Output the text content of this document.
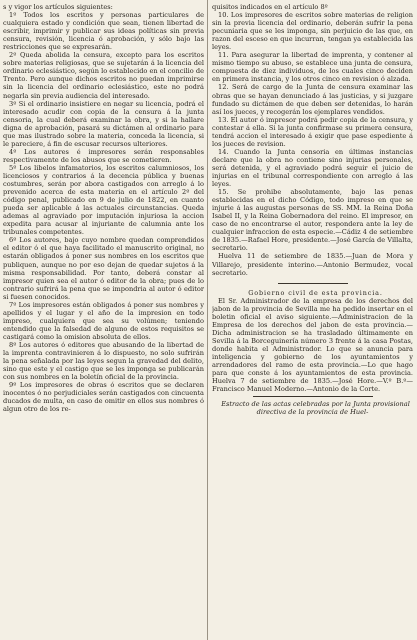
s y vigor los artículos siguientes:

1º Todos los escritos y personas particulares de cualquiera estado y condición que sean, tienen libertad de escribir, imprimir y publicar sus ideas políticas sin previa censura, revisión, licencia ó aprobación, y sólo bajo las restricciones que se expresarán.

2º Queda abolida la censura, excepto para los escritos sobre materias religiosas, que se sujetarán á la licencia del ordinario eclesiástico, según lo establecido en el concilio de Trento. Pero aunque dichos escritos no puedan imprimirse sin la licencia del ordinario eclesiástico, este no podrá negarla sin previa audiencia del interesado.

3º Si el ordinario insistiere en negar su licencia, podrá el interesado acudir con copia de la censura á la junta censoria, la cual deberá examinar la obra, y si la hallare digna de aprobación, pasará su dictámen al ordinario para que mas ilustrado sobre la materia, conceda la licencia, si le pareciere, á fin de escusar recursos ulteriores.

4º Los autores é impresores serán responsables respectivamente de los abusos que se cometieren.

5º Los libelos infamatorios, los escritos calumniosos, los licenciosos y contrarios á la decencia pública y buenas costumbres, serán por abora castigados con arreglo á lo prevenido acerca de esta materia en el artículo 2º del código penal, publicado en 9 de julio de 1822, en cuanto pueda ser aplicable á las actuales circunstancias. Queda ademas al agraviado por imputación injuriosa la accion expedita para acusar al injuriante de calumnia ante los tribunales competentes.

6º Los autores, bajo cuyo nombre quedan comprendidos el editor ó el que haya facilitado el manuscrito original, no estarán obligados á poner sus nombres en los escritos que publiquen, aunque no por eso dejan de quedar sujetos á la misma responsabilidad. Por tanto, deberá constar al impresor quien sea el autor ó editor de la obra; pues de lo contrario sufrirá la pena que se impondria al autor ó editor si fuesen conocidos.

7º Los impresores están obligados á poner sus nombres y apellidos y el lugar y el año de la impresion en todo impreso, cualquiera que sea su volúmen; teniendo entendido que la falsedad de alguno de estos requisitos se castigará como la omision absoluta de ellos.

8º Los autores ó editores que abusando de la libertad de la imprenta contravinieren á lo dispuesto, no solo sufrirán la pena señalada por las leyes segun la gravedad del delito, sino que este y el castigo que se les imponga se publicarán con sus nombres en la boletín oficial de la provincia.

9º Los impresores de obras ó escritos que se declaren inocentes ó no perjudiciales serán castigados con cincuenta ducados de multa, en caso de omitir en ellos sus nombres ó algun otro de los re-

quisitos indicados en el artículo 8º

10. Los impresores de escritos sobre materias de religion sin la previa licencia del ordinario, deberán sufrir la pena pecuniaria que se les imponga, sin perjuicio de las que, en razon del esceso en que incurran, tengan ya establecida las leyes.

11. Para asegurar la libertad de imprenta, y contener al mismo tiempo su abuso, se establece una junta de censura, compuesta de diez individuos, de los cuales cinco deciden en primera instancia, y los otros cinco en revision ó alzada.

12. Será de cargo de la Junta de censura examinar las obras que se hayan denunciado á las justicias, y si juzgare fundado su dictámen de que deben ser detenidas, lo harán así los jueces, y recogerán los ejemplares vendidos.

13. El autor ó impresor podrá pedir copia de la censura, y contestar á ella. Si la junta confirmase su primera censura, tendrá accion el interesado á exigir que pase espediente á los jueces de revision.

14. Cuando la Junta censoria en últimas instancias declare que la obra no contiene sino injurias personales, será detenida, y el agraviado podrá seguir el juicio de injurias en el tribunal correspondiente con arreglo á las leyes.

15. Se prohibe absolutamente, bajo las penas establecidas en el dicho Código, todo impreso en que se injurie á las augustas personas de SS. MM. la Reina Doña Isabel II, y la Reina Gobernadora del reino. El impresor, en caso de no encontrarse el autor, respondera ante la ley de cualquier infraccion de esta especie.—Cádiz 4 de setiembre de 1835.—Rafael Hore, presidente.—José García de Villalta, secretario.

Huelva 11 de setiembre de 1835.—Juan de Mora y Villarejo, presidente interino.—Antonio Bermudez, vocal secretario.

Gobierno civil de esta provincia.

El Sr. Administrador de la empresa de los derechos del jabon de la provincia de Sevilla me ha pedido insertar en el boletin oficial el aviso siguiente.—Administracion de la Empresa de los derechos del jabon de esta provincia.—Dicha administracion se ha trasladado últimamente en Sevilla á la Borceguinería número 3 frente á la casa Postas, donde habita el Administrador. Lo que se anuncia para inteligencia y gobierno de los ayuntamientos y arrendadores del ramo de esta provincia.—Lo que hago para que conste á los ayuntamientos de esta provincia. Huelva 7 de setiembre de 1835.—José Hore.—V.º B.º—Francisco Manuel Moderno.—Antonio de la Corte.

Estracto de las actas celebradas por la Junta provisional directiva de la provincia de Huel-
